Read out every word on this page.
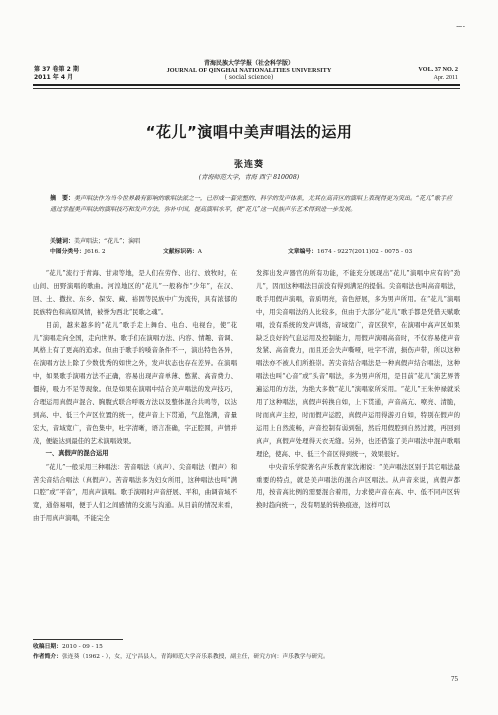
······ ··
第 37 卷第 2 期
2011 年 4 月
青海民族大学学报（社会科学版）
JOURNAL OF QINGHAI NATIONALITIES UNIVERSITY
( social science)
VOL. 37 NO. 2
Apr. 2011
“花儿”演唱中美声唱法的运用
张连葵
(青海师范大学，青海 西宁 810008)
摘　要：美声唱法作为当今世界最有影响的歌唱法派之一，已形成一套完整的、科学的发声体系，尤其在高音区的演唱上表现得更为突出。“花儿”歌手应通过掌握美声唱法的演唱技巧和发声方法，弥补中国，提高演唱水平，使“花儿”这一民族声乐艺术得到进一步发展。
关键词：美声唱法；“花儿”；演唱
中图分类号：J616. 2	文献标识码：A	文章编号：1674 - 9227(2011)02 - 0075 - 03

“花儿”流行于青海、甘肃等地，是人们在劳作、出行、放牧时，在山间、田野演唱的歌曲。河湟地区的“花儿”一般称作“少年”，在汉、回、土、撒拉、东乡、保安、藏、裕固等民族中广为流传，具有浓郁的民族特色和高原风情，被誉为西北“民歌之魂”。

目前，越来越多的“花儿”歌手走上舞台、电台、电视台，使“花儿”演唱走向全国，走向世界。歌手们在演唱方法、内容、情趣、音调、风格上有了更高的追求。但由于歌手的嗓音条件不一，演出特色各异，在演唱方法上除了少数优秀的如世之外，发声状态也存在差异。在演唱中，如果歌手演唱方法不正确，容易出现声音单薄、憋紧、高音费力、僵持，吸力不足等现象。但是如果在演唱中结合美声唱法的发声技巧，合理运用真假声混合、胸腹式联合呼吸方法以及整体混合共鸣等，以达到高、中、低三个声区位置的统一，使声音上下贯通，气息饱满，音量宏大，音域宽广，音色集中，吐字清晰，语言准确，字正腔圆，声情并茂，便能达到最佳的艺术演唱效果。

一、真假声的混合运用

“花儿”一般采用三种唱法：苦音唱法（真声）、尖音唱法（假声）和苦尖音结合唱法（真假声）。苦音唱法多为妇女所用，这种唱法也叫“满口腔”或“平音”，用真声演唱。歌手演唱时声音舒展、平和，曲调音域不宽，通俗易唱，便于人们之间感情的交流与沟通。从目前的情况来看，由于用真声演唱，不能完全

发挥出发声器官的所有功能，不能充分展现出“花儿”演唱中应有的“劲儿”，因而这种唱法目前没有得到满足的提倡。尖音唱法也叫高音唱法，歌手用假声演唱，音质明亮，音色舒展，多为男声所用。在“花儿”演唱中，用尖音唱法的人比较多，但由于大部分“花儿”歌手都是凭借天赋歌唱，没有系统的发声训练，音域宽广，音区狭窄，在演唱中高声区如果缺乏良好的气息运用及控制能力，用假声演唱高音时，不仅容易使声音发紧、高音费力，而且还会失声嘶哑，吐字不清，损伤声带，所以这种唱法亦不被人们所推崇。苦尖音结合唱法是一种真假声结合唱法，这种唱法也叫“心音”或“头音”唱法，多为男声所用，是目前“花儿”演艺界普遍运用的方法，为绝大多数“花儿”演唱家所采用。“花儿”王朱仲禄就采用了这种唱法，真假声转换自如，上下贯通，声音高亢、嘹亮、清脆，时而真声主控，时而假声运腔，真假声运用得游刃自如，特别在假声的运用上自然流畅，声音控制有弱到强，然后用假腔到自然过渡，再回到真声，真假声处理得天衣无缝。另外，也还借鉴了美声唱法中混声歌唱理论，使高、中、低三个音区得到统一，效果很好。

中央音乐学院著名声乐教育家沈湘说：“美声唱法区别于其它唱法最重要的特点，就是美声唱法的混合声区唱法。从声音来说，真假声都用，按音高比例的需要混合着用，力求使声音在高、中、低不同声区转换时趋向统一，没有明显的转换痕迹，这样可以

收稿日期：2010 - 09 - 15
作者简介：张连葵（1962 - ），女，辽宁昌县人，青海师范大学音乐系教授，副主任，研究方向：声乐教学与研究。
75
